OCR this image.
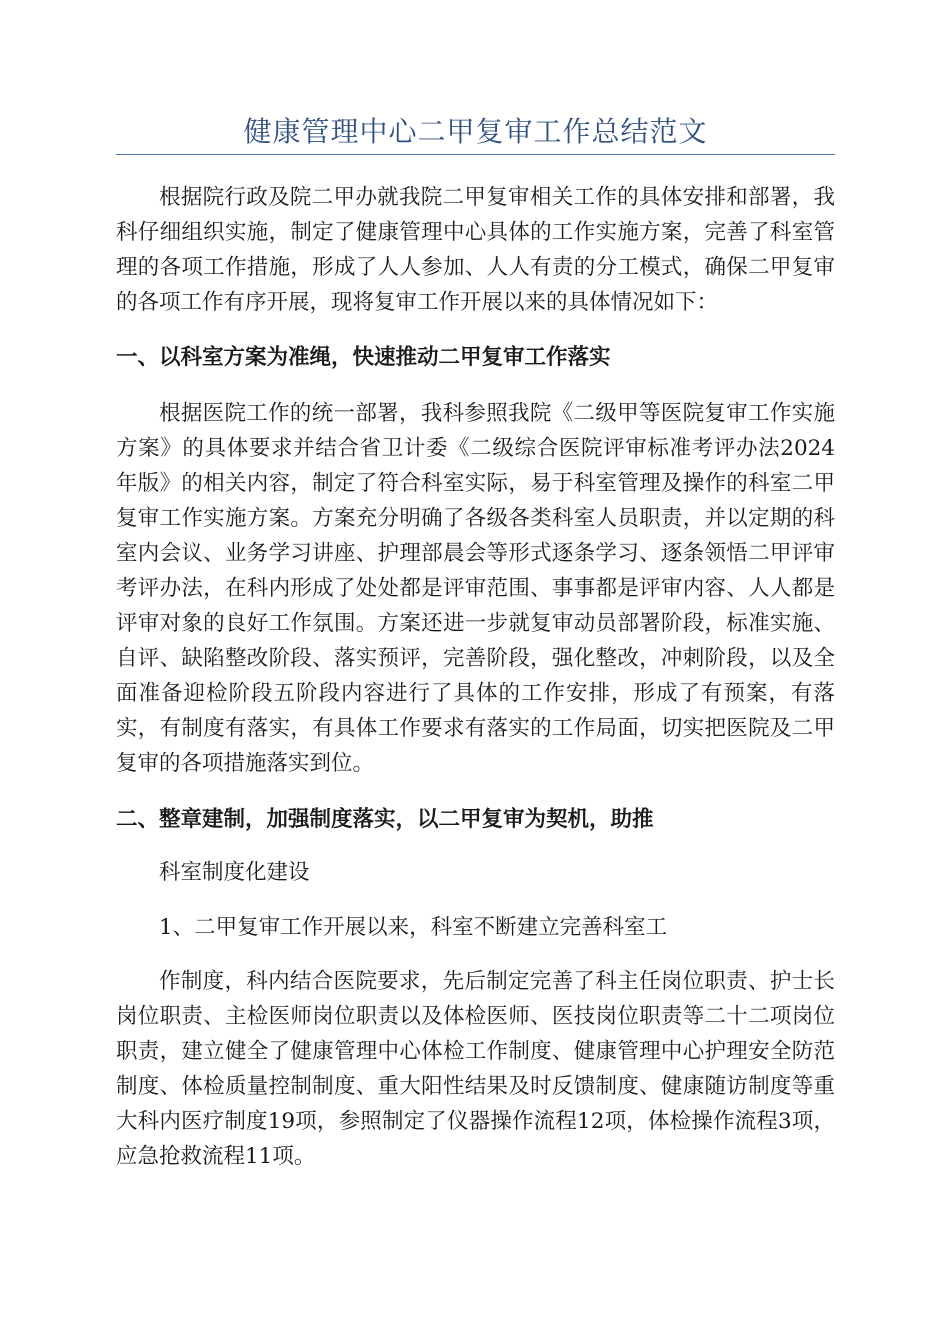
健康管理中心二甲复审工作总结范文

根据院行政及院二甲办就我院二甲复审相关工作的具体安排和部署，我科仔细组织实施，制定了健康管理中心具体的工作实施方案，完善了科室管理的各项工作措施，形成了人人参加、人人有责的分工模式，确保二甲复审的各项工作有序开展，现将复审工作开展以来的具体情况如下：

一、以科室方案为准绳，快速推动二甲复审工作落实

根据医院工作的统一部署，我科参照我院《二级甲等医院复审工作实施方案》的具体要求并结合省卫计委《二级综合医院评审标准考评办法2024年版》的相关内容，制定了符合科室实际，易于科室管理及操作的科室二甲复审工作实施方案。方案充分明确了各级各类科室人员职责，并以定期的科室内会议、业务学习讲座、护理部晨会等形式逐条学习、逐条领悟二甲评审考评办法，在科内形成了处处都是评审范围、事事都是评审内容、人人都是评审对象的良好工作氛围。方案还进一步就复审动员部署阶段，标准实施、自评、缺陷整改阶段、落实预评，完善阶段，强化整改，冲刺阶段，以及全面准备迎检阶段五阶段内容进行了具体的工作安排，形成了有预案，有落实，有制度有落实，有具体工作要求有落实的工作局面，切实把医院及二甲复审的各项措施落实到位。

二、整章建制，加强制度落实，以二甲复审为契机，助推

科室制度化建设

1、二甲复审工作开展以来，科室不断建立完善科室工

作制度，科内结合医院要求，先后制定完善了科主任岗位职责、护士长岗位职责、主检医师岗位职责以及体检医师、医技岗位职责等二十二项岗位职责，建立健全了健康管理中心体检工作制度、健康管理中心护理安全防范制度、体检质量控制制度、重大阳性结果及时反馈制度、健康随访制度等重大科内医疗制度19项，参照制定了仪器操作流程12项，体检操作流程3项，应急抢救流程11项。
